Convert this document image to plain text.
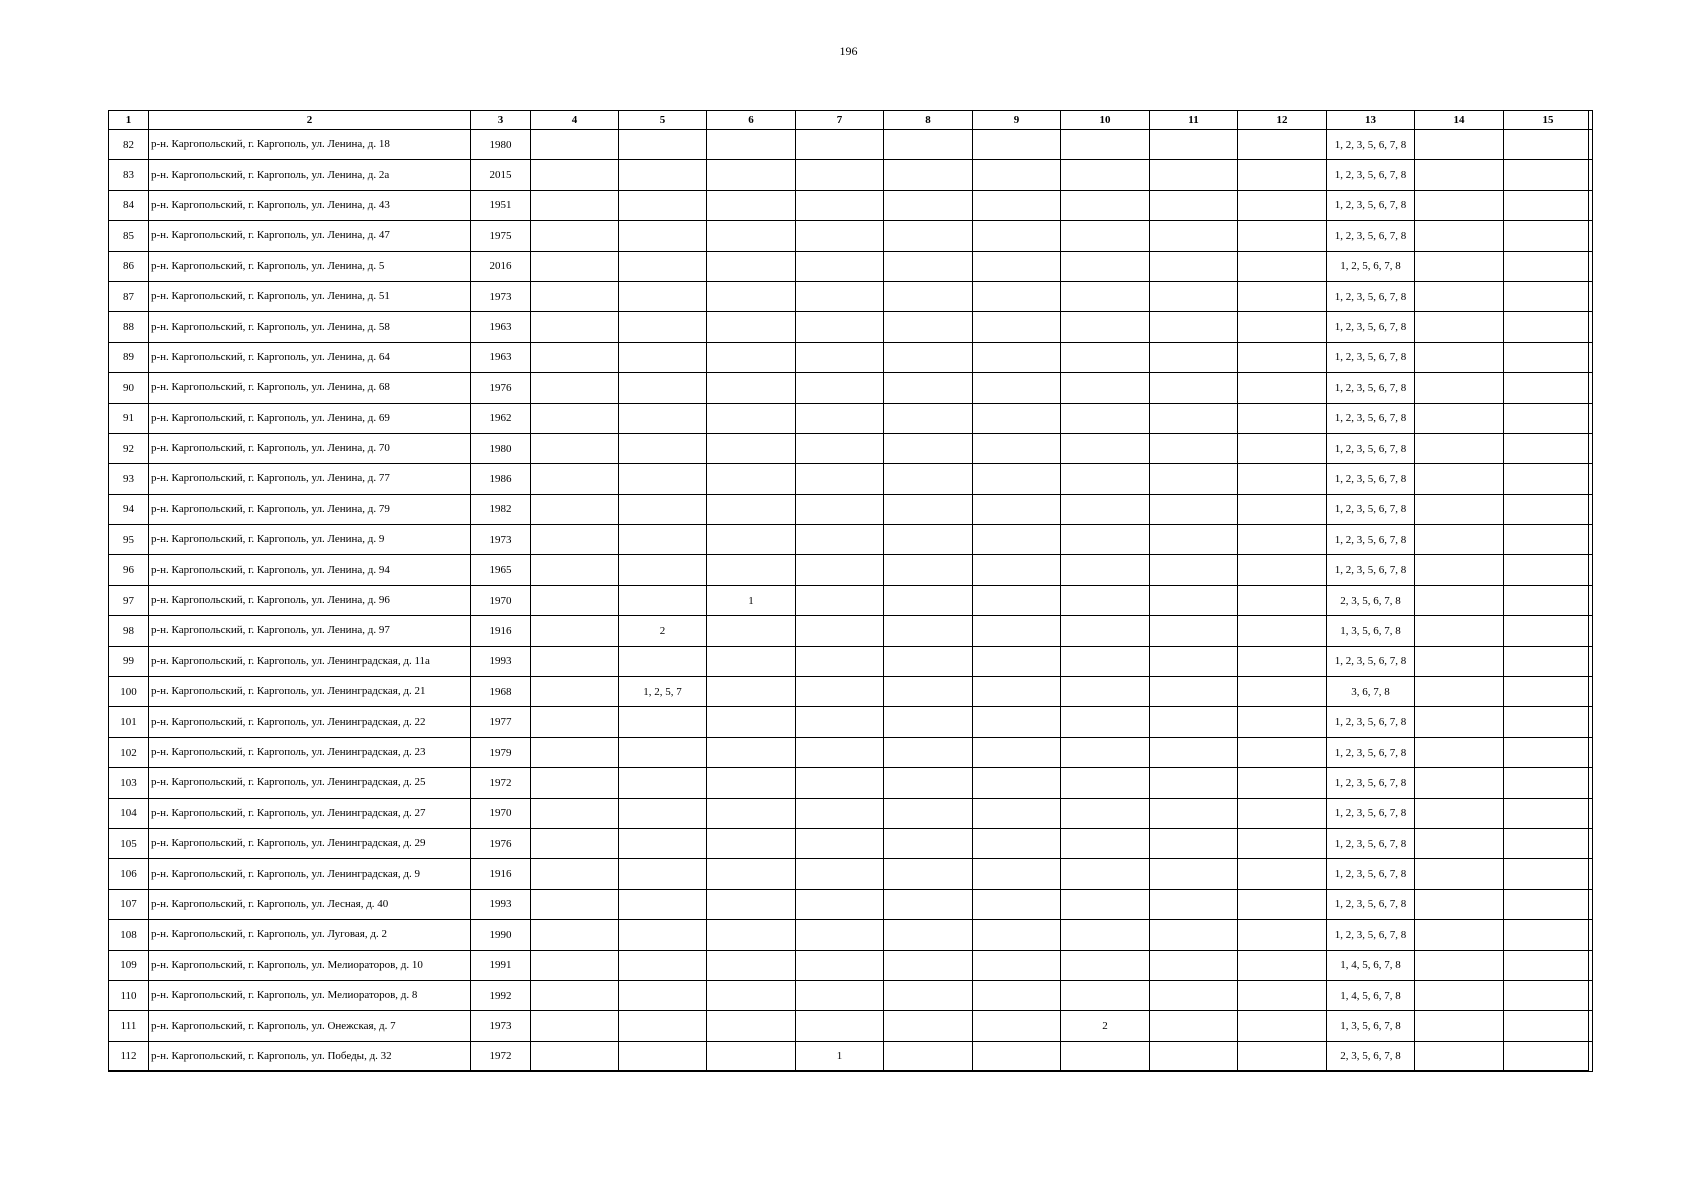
196
1	2	3	4	5	6	7	8	9	10	11	12	13	14	15
82	р-н. Каргопольский, г. Каргополь, ул. Ленина, д. 18	1980										1, 2, 3, 5, 6, 7, 8		
83	р-н. Каргопольский, г. Каргополь, ул. Ленина, д. 2а	2015										1, 2, 3, 5, 6, 7, 8		
84	р-н. Каргопольский, г. Каргополь, ул. Ленина, д. 43	1951										1, 2, 3, 5, 6, 7, 8		
85	р-н. Каргопольский, г. Каргополь, ул. Ленина, д. 47	1975										1, 2, 3, 5, 6, 7, 8		
86	р-н. Каргопольский, г. Каргополь, ул. Ленина, д. 5	2016										1, 2, 5, 6, 7, 8		
87	р-н. Каргопольский, г. Каргополь, ул. Ленина, д. 51	1973										1, 2, 3, 5, 6, 7, 8		
88	р-н. Каргопольский, г. Каргополь, ул. Ленина, д. 58	1963										1, 2, 3, 5, 6, 7, 8		
89	р-н. Каргопольский, г. Каргополь, ул. Ленина, д. 64	1963										1, 2, 3, 5, 6, 7, 8		
90	р-н. Каргопольский, г. Каргополь, ул. Ленина, д. 68	1976										1, 2, 3, 5, 6, 7, 8		
91	р-н. Каргопольский, г. Каргополь, ул. Ленина, д. 69	1962										1, 2, 3, 5, 6, 7, 8		
92	р-н. Каргопольский, г. Каргополь, ул. Ленина, д. 70	1980										1, 2, 3, 5, 6, 7, 8		
93	р-н. Каргопольский, г. Каргополь, ул. Ленина, д. 77	1986										1, 2, 3, 5, 6, 7, 8		
94	р-н. Каргопольский, г. Каргополь, ул. Ленина, д. 79	1982										1, 2, 3, 5, 6, 7, 8		
95	р-н. Каргопольский, г. Каргополь, ул. Ленина, д. 9	1973										1, 2, 3, 5, 6, 7, 8		
96	р-н. Каргопольский, г. Каргополь, ул. Ленина, д. 94	1965										1, 2, 3, 5, 6, 7, 8		
97	р-н. Каргопольский, г. Каргополь, ул. Ленина, д. 96	1970			1							2, 3, 5, 6, 7, 8		
98	р-н. Каргопольский, г. Каргополь, ул. Ленина, д. 97	1916		2								1, 3, 5, 6, 7, 8		
99	р-н. Каргопольский, г. Каргополь, ул. Ленинградская, д. 11а	1993										1, 2, 3, 5, 6, 7, 8		
100	р-н. Каргопольский, г. Каргополь, ул. Ленинградская, д. 21	1968		1, 2, 5, 7								3, 6, 7, 8		
101	р-н. Каргопольский, г. Каргополь, ул. Ленинградская, д. 22	1977										1, 2, 3, 5, 6, 7, 8		
102	р-н. Каргопольский, г. Каргополь, ул. Ленинградская, д. 23	1979										1, 2, 3, 5, 6, 7, 8		
103	р-н. Каргопольский, г. Каргополь, ул. Ленинградская, д. 25	1972										1, 2, 3, 5, 6, 7, 8		
104	р-н. Каргопольский, г. Каргополь, ул. Ленинградская, д. 27	1970										1, 2, 3, 5, 6, 7, 8		
105	р-н. Каргопольский, г. Каргополь, ул. Ленинградская, д. 29	1976										1, 2, 3, 5, 6, 7, 8		
106	р-н. Каргопольский, г. Каргополь, ул. Ленинградская, д. 9	1916										1, 2, 3, 5, 6, 7, 8		
107	р-н. Каргопольский, г. Каргополь, ул. Лесная, д. 40	1993										1, 2, 3, 5, 6, 7, 8		
108	р-н. Каргопольский, г. Каргополь, ул. Луговая, д. 2	1990										1, 2, 3, 5, 6, 7, 8		
109	р-н. Каргопольский, г. Каргополь, ул. Мелиораторов, д. 10	1991										1, 4, 5, 6, 7, 8		
110	р-н. Каргопольский, г. Каргополь, ул. Мелиораторов, д. 8	1992										1, 4, 5, 6, 7, 8		
111	р-н. Каргопольский, г. Каргополь, ул. Онежская, д. 7	1973							2			1, 3, 5, 6, 7, 8		
112	р-н. Каргопольский, г. Каргополь, ул. Победы, д. 32	1972				1						2, 3, 5, 6, 7, 8		
